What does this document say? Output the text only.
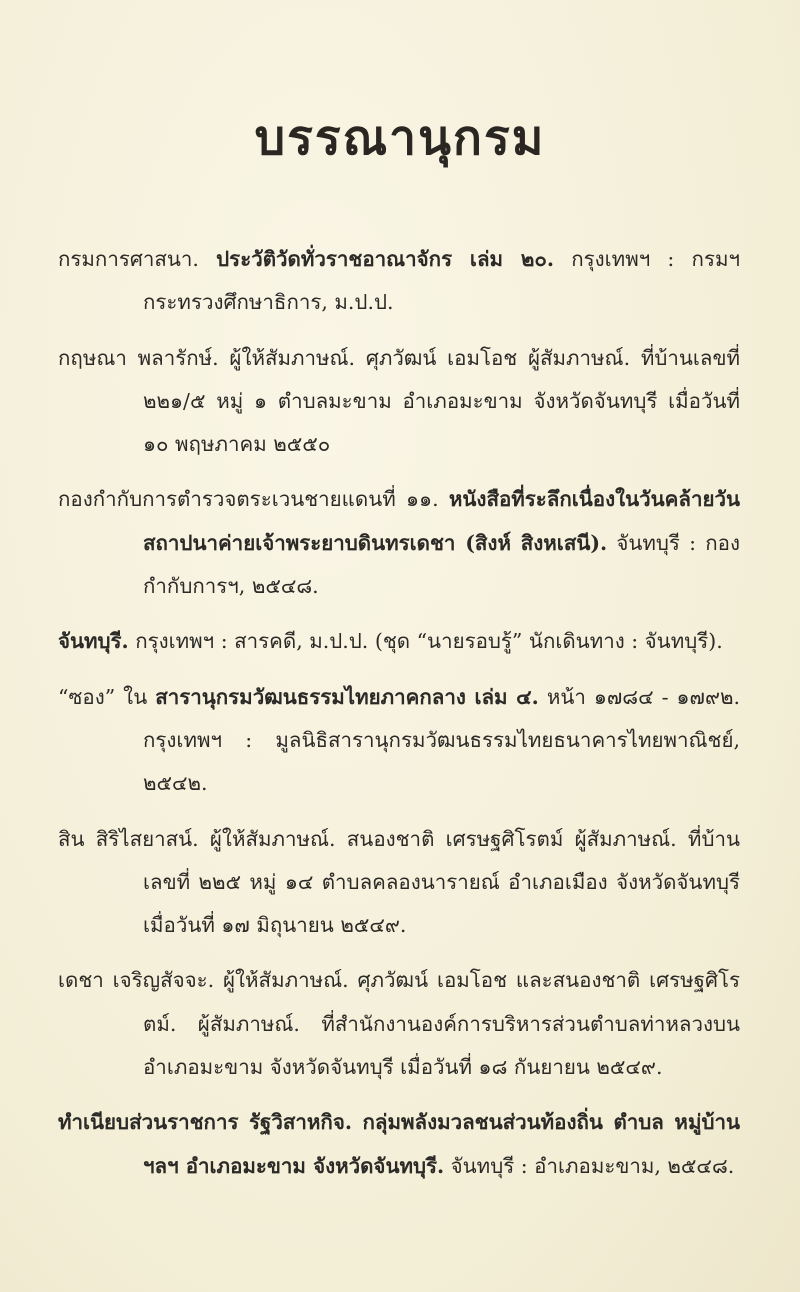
บรรณานุกรม
กรมการศาสนา. ประวัติวัดทั่วราชอาณาจักร เล่ม ๒๐. กรุงเทพฯ : กรมฯ กระทรวงศึกษาธิการ, ม.ป.ป.
กฤษณา พลารักษ์. ผู้ให้สัมภาษณ์. ศุภวัฒน์ เอมโอช ผู้สัมภาษณ์. ที่บ้านเลขที่ ๒๒๑/๕ หมู่ ๑ ตำบลมะขาม อำเภอมะขาม จังหวัดจันทบุรี เมื่อวันที่ ๑๐ พฤษภาคม ๒๕๕๐
กองกำกับการตำรวจตระเวนชายแดนที่ ๑๑. หนังสือที่ระลึกเนื่องในวันคล้ายวันสถาปนาค่ายเจ้าพระยาบดินทรเดชา (สิงห์ สิงหเสนี). จันทบุรี : กองกำกับการฯ, ๒๕๔๘.
จันทบุรี. กรุงเทพฯ : สารคดี, ม.ป.ป. (ชุด “นายรอบรู้” นักเดินทาง : จันทบุรี).
“ซอง” ใน สารานุกรมวัฒนธรรมไทยภาคกลาง เล่ม ๔. หน้า ๑๗๘๔ - ๑๗๙๒. กรุงเทพฯ : มูลนิธิสารานุกรมวัฒนธรรมไทยธนาคารไทยพาณิชย์, ๒๕๔๒.
สิน สิริไสยาสน์. ผู้ให้สัมภาษณ์. สนองชาติ เศรษฐศิโรตม์ ผู้สัมภาษณ์. ที่บ้านเลขที่ ๒๒๕ หมู่ ๑๔ ตำบลคลองนารายณ์ อำเภอเมือง จังหวัดจันทบุรี เมื่อวันที่ ๑๗ มิถุนายน ๒๕๔๙.
เดชา เจริญสัจจะ. ผู้ให้สัมภาษณ์. ศุภวัฒน์ เอมโอช และสนองชาติ เศรษฐศิโรตม์. ผู้สัมภาษณ์. ที่สำนักงานองค์การบริหารส่วนตำบลท่าหลวงบน อำเภอมะขาม จังหวัดจันทบุรี เมื่อวันที่ ๑๘ กันยายน ๒๕๔๙.
ทำเนียบส่วนราชการ รัฐวิสาหกิจ. กลุ่มพลังมวลชนส่วนท้องถิ่น ตำบล หมู่บ้าน ฯลฯ อำเภอมะขาม จังหวัดจันทบุรี. จันทบุรี : อำเภอมะขาม, ๒๕๔๘.
